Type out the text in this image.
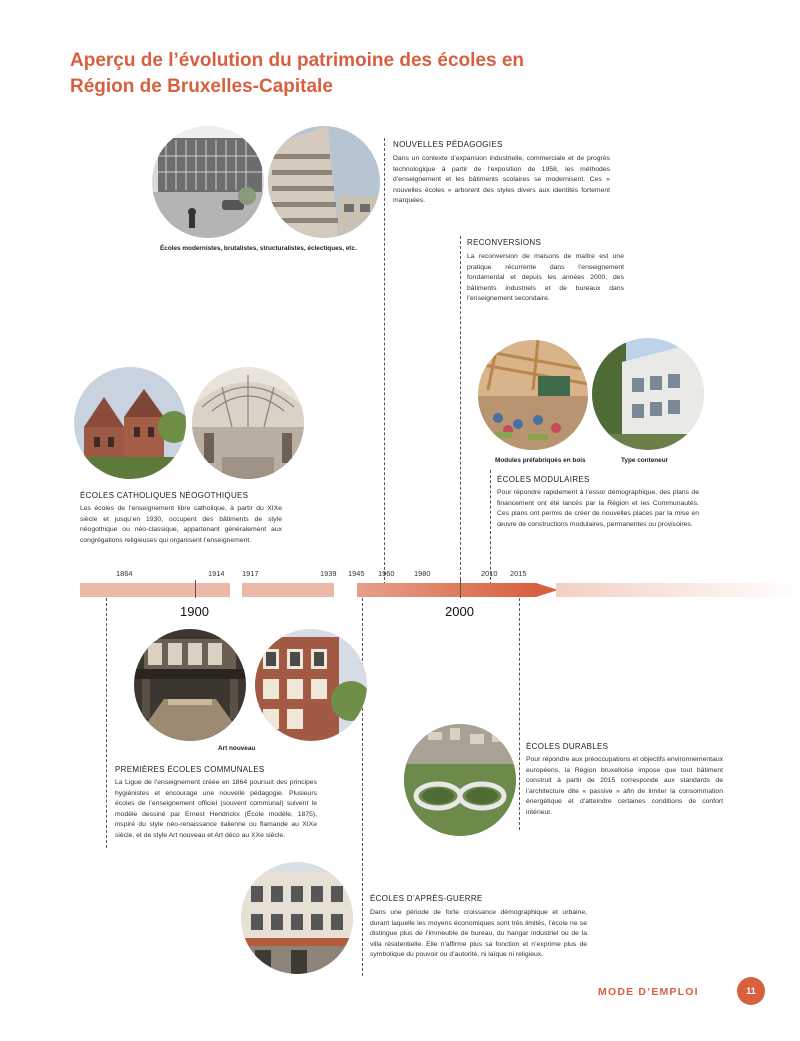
Aperçu de l’évolution du patrimoine des écoles en Région de Bruxelles-Capitale
Écoles modernistes, brutalistes, structuralistes, éclectiques, etc.
NOUVELLES PÉDAGOGIES

Dans un contexte d’expansion industrielle, commerciale et de progrès technologique à partir de l’exposition de 1958, les méthodes d’enseignement et les bâtiments scolaires se modernisent. Ces « nouvelles écoles » arborent des styles divers aux identités fortement marquées.

RECONVERSIONS

La reconversion de maisons de maître est une pratique récurrente dans l’enseignement fondamental et depuis les années 2000, des bâtiments industriels et de bureaux dans l’enseignement secondaire.

ÉCOLES CATHOLIQUES NÉOGOTHIQUES

Les écoles de l’enseignement libre catholique, à partir du XIXe siècle et jusqu’en 1930, occupent des bâtiments de style néogothique ou néo-classique, appartenant généralement aux congrégations religieuses qui organisent l’enseignement.

Modules préfabriqués en bois	Type conteneur
ÉCOLES MODULAIRES

Pour répondre rapidement à l’essor démographique, des plans de financement ont été lancés par la Région et les Communautés. Ces plans ont permis de créer de nouvelles places par la mise en œuvre de constructions modulaires, permanentes ou provisoires.

1864	1914 1917	1939 1945 1960	1980	2010 2015
1900	2000
Art nouveau
PREMIÈRES ÉCOLES COMMUNALES

La Ligue de l’enseignement créée en 1864 poursuit des principes hygiénistes et encourage une nouvelle pédagogie. Plusieurs écoles de l’enseignement officiel (souvent communal) suivent le modèle dessiné par Ernest Hendrickx (École modèle, 1875), inspiré du style néo-renaissance italienne ou flamande au XIXe siècle, et de style Art nouveau et Art déco au XXe siècle.

ÉCOLES DURABLES

Pour répondre aux préoccupations et objectifs environnementaux européens, la Région bruxelloise impose que tout bâtiment construit à partir de 2015 corresponde aux standards de l’architecture dite « passive » afin de limiter la consommation énergétique et d’atteindre certaines conditions de confort intérieur.

ÉCOLES D’APRÈS-GUERRE

Dans une période de forte croissance démographique et urbaine, durant laquelle les moyens économiques sont très limités, l’école ne se distingue plus de l’immeuble de bureau, du hangar industriel ou de la villa résidentielle. Elle n’affirme plus sa fonction et n’exprime plus de symbolique du pouvoir ou d’autorité, ni laïque ni religieux.

MODE D’EMPLOI	11
